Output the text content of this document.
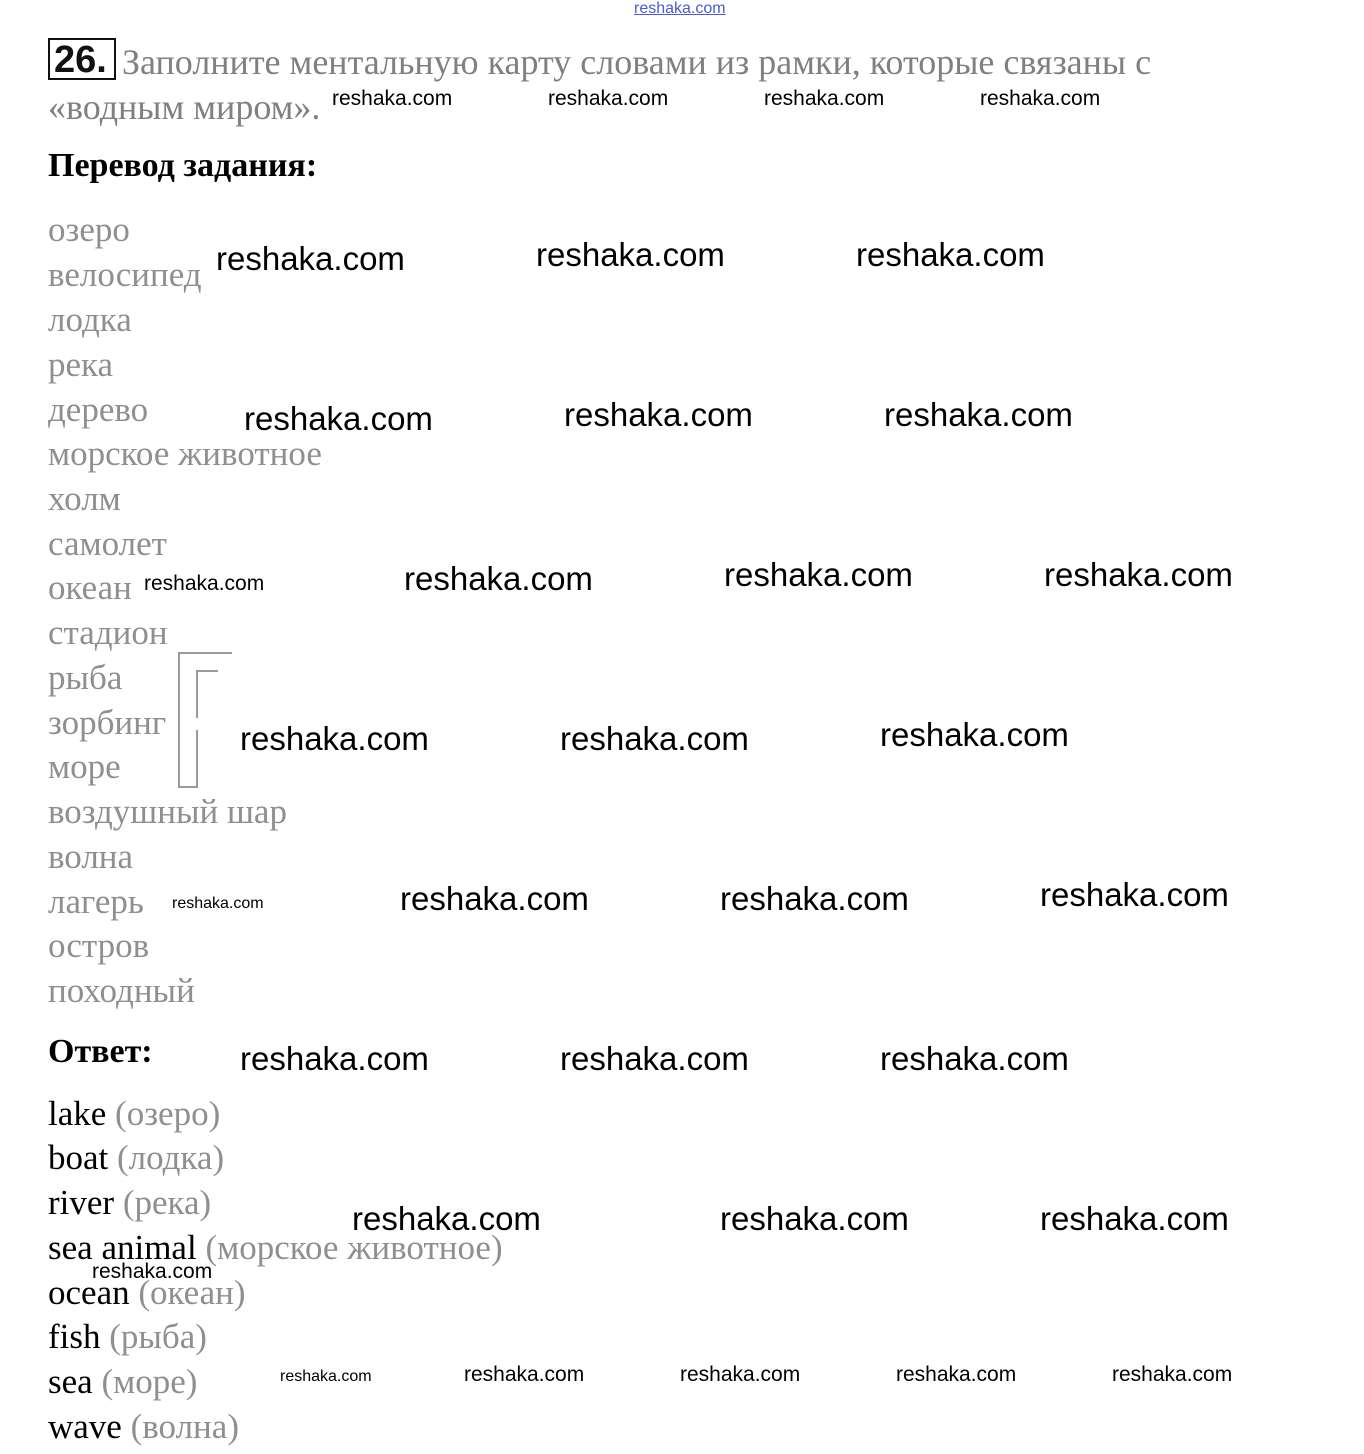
reshaka.com
26. Заполните ментальную карту словами из рамки, которые связаны с
«водным миром».
Перевод задания:
озеро
велосипед
лодка
река
дерево
морское животное
холм
самолет
океан
стадион
рыба
зорбинг
море
воздушный шар
волна
лагерь
остров
походный
Ответ:
lake (озеро)
boat (лодка)
river (река)
sea animal (морское животное)
ocean (океан)
fish (рыба)
sea (море)
wave (волна)
reshaka.com	reshaka.com	reshaka.com	reshaka.com
reshaka.com	reshaka.com	reshaka.com
reshaka.com	reshaka.com	reshaka.com
reshaka.com	reshaka.com	reshaka.com	reshaka.com
reshaka.com	reshaka.com	reshaka.com
reshaka.com	reshaka.com	reshaka.com	reshaka.com
reshaka.com	reshaka.com	reshaka.com
reshaka.com	reshaka.com	reshaka.com
reshaka.com
reshaka.com	reshaka.com	reshaka.com	reshaka.com	reshaka.com
